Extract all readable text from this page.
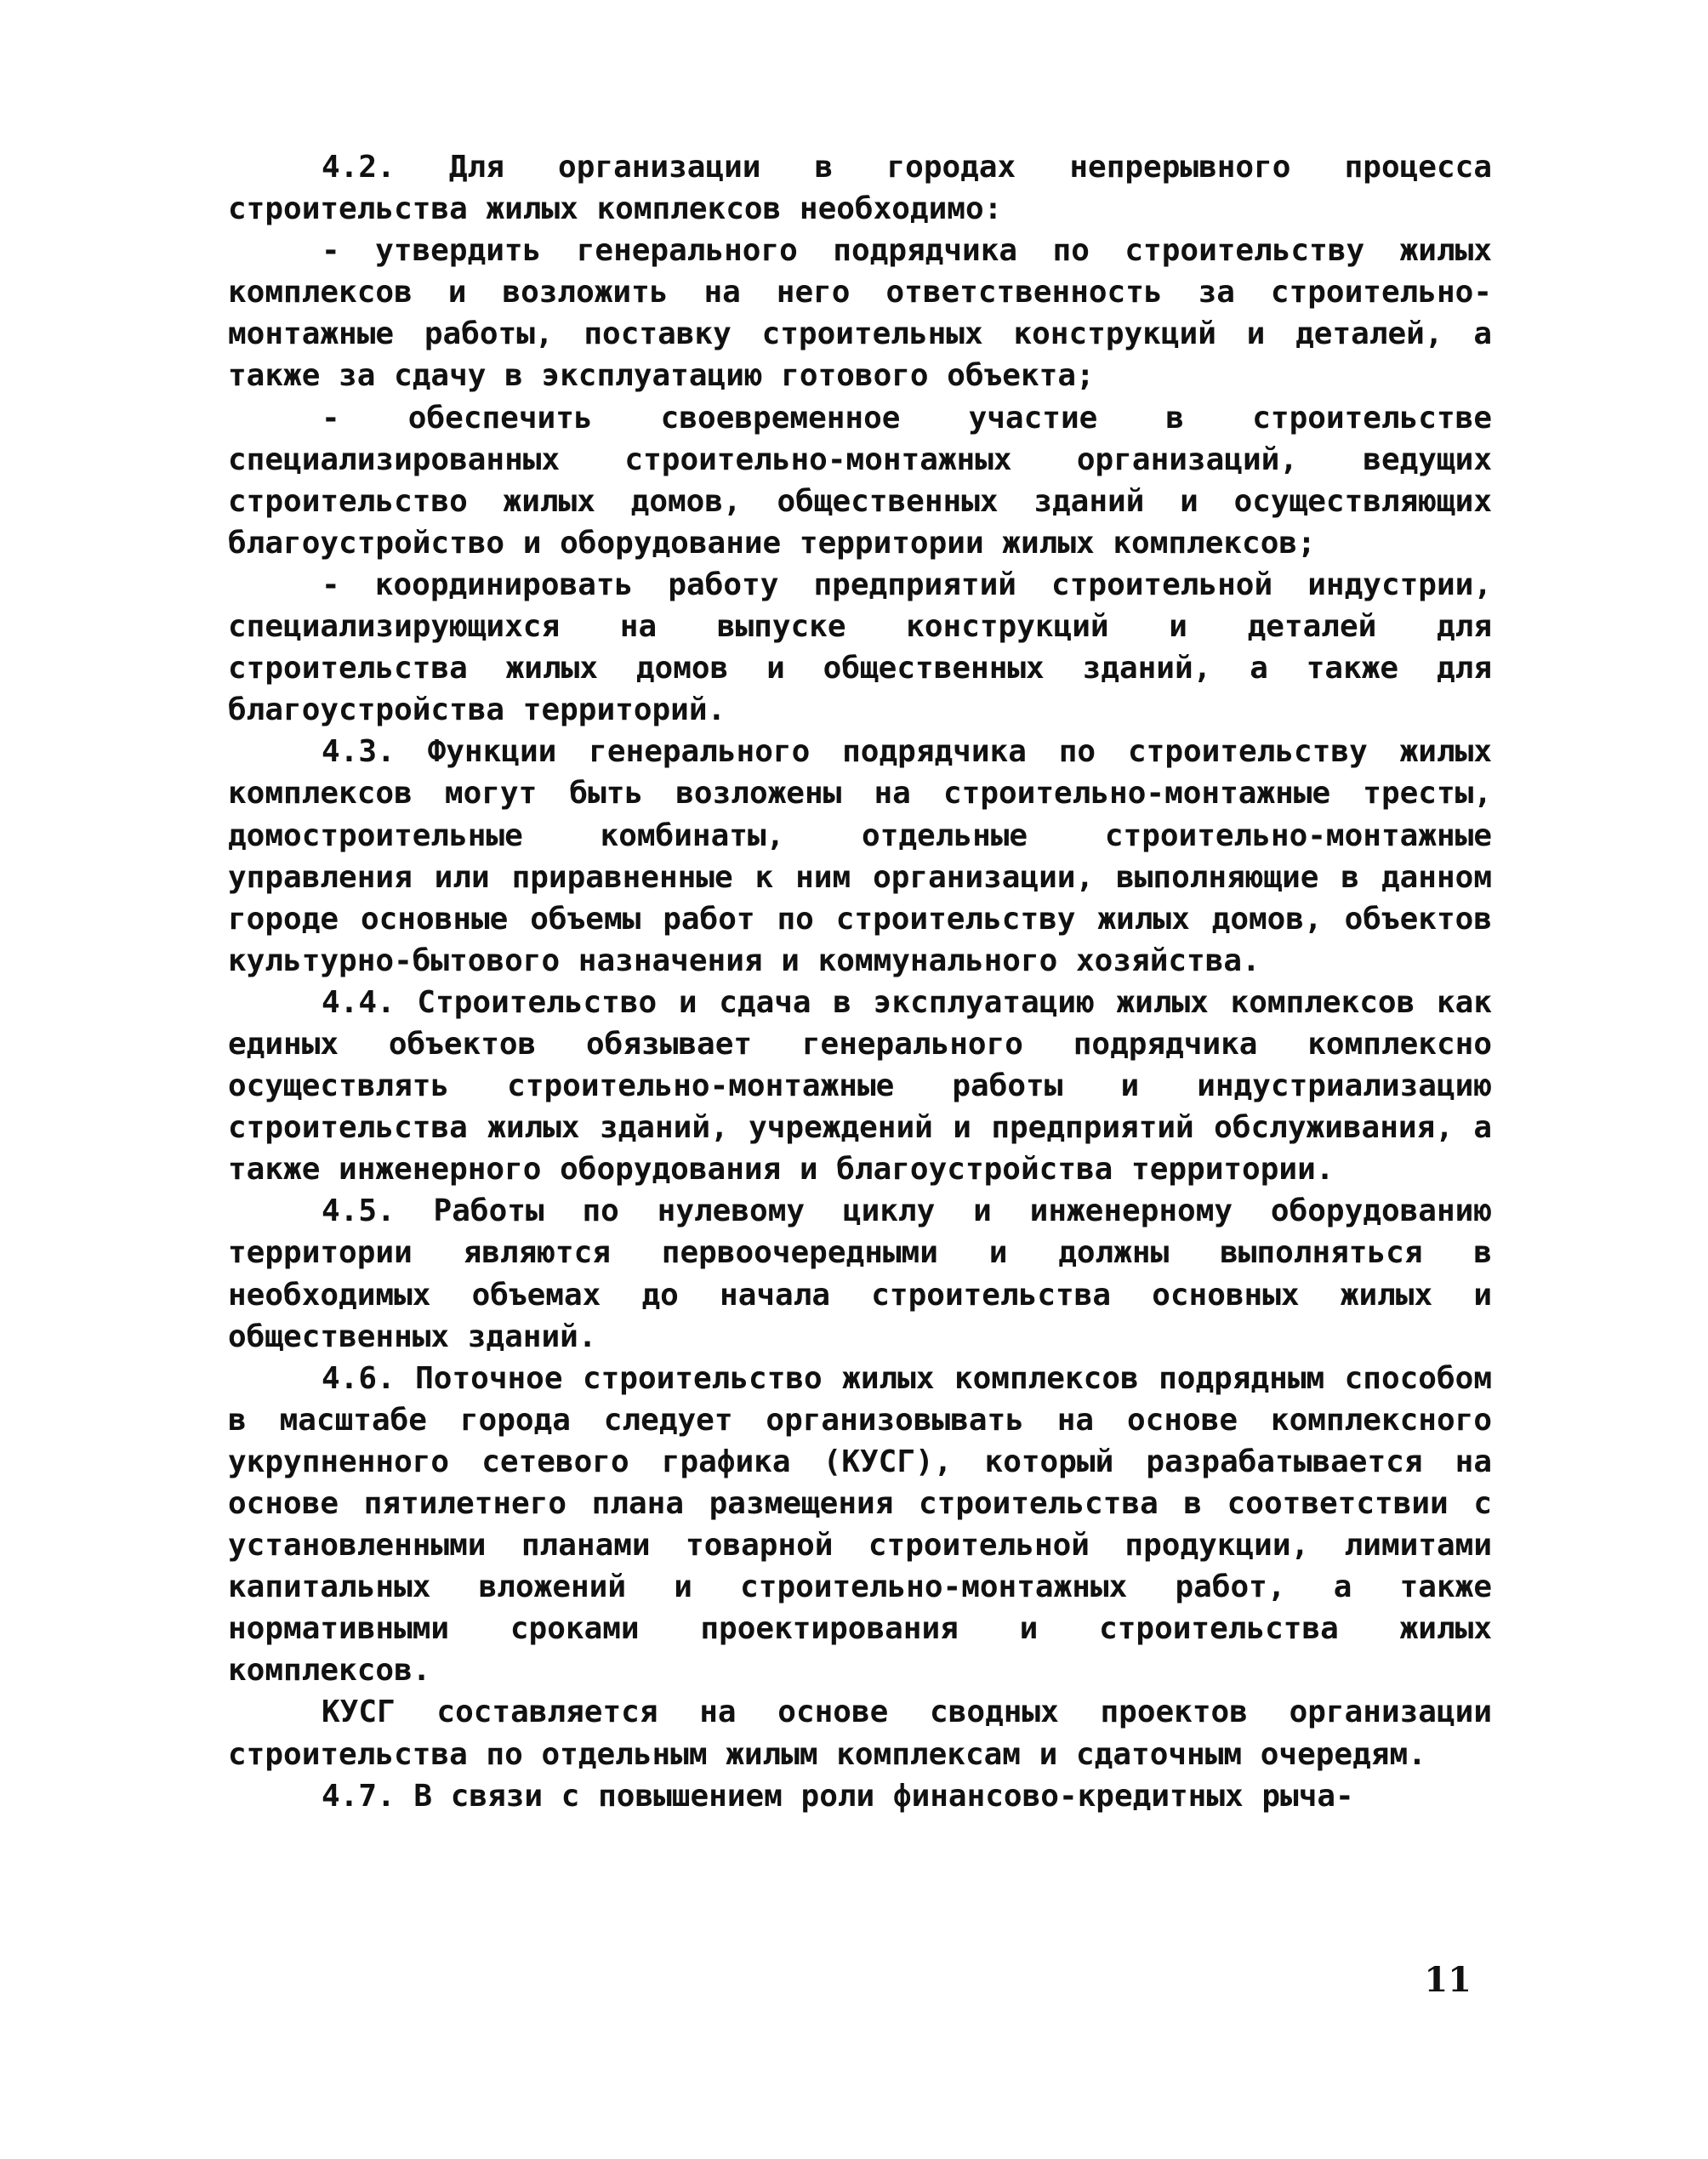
4.2. Для организации в городах непрерывного процесса строительства жилых комплексов необходимо:

- утвердить генерального подрядчика по строительству жилых комплексов и возложить на него ответственность за строительно-монтажные работы, поставку строительных конструкций и деталей, а также за сдачу в эксплуатацию готового объекта;

- обеспечить своевременное участие в строительстве специализированных строительно-монтажных организаций, ведущих строительство жилых домов, общественных зданий и осуществляющих благоустройство и оборудование территории жилых комплексов;

- координировать работу предприятий строительной индустрии, специализирующихся на выпуске конструкций и деталей для строительства жилых домов и общественных зданий, а также для благоустройства территорий.

4.3. Функции генерального подрядчика по строительству жилых комплексов могут быть возложены на строительно-монтажные тресты, домостроительные комбинаты, отдельные строительно-монтажные управления или приравненные к ним организации, выполняющие в данном городе основные объемы работ по строительству жилых домов, объектов культурно-бытового назначения и коммунального хозяйства.

4.4. Строительство и сдача в эксплуатацию жилых комплексов как единых объектов обязывает генерального подрядчика комплексно осуществлять строительно-монтажные работы и индустриализацию строительства жилых зданий, учреждений и предприятий обслуживания, а также инженерного оборудования и благоустройства территории.

4.5. Работы по нулевому циклу и инженерному оборудованию территории являются первоочередными и должны выполняться в необходимых объемах до начала строительства основных жилых и общественных зданий.

4.6. Поточное строительство жилых комплексов подрядным способом в масштабе города следует организовывать на основе комплексного укрупненного сетевого графика (КУСГ), который разрабатывается на основе пятилетнего плана размещения строительства в соответствии с установленными планами товарной строительной продукции, лимитами капитальных вложений и строительно-монтажных работ, а также нормативными сроками проектирования и строительства жилых комплексов.

КУСГ составляется на основе сводных проектов организации строительства по отдельным жилым комплексам и сдаточным очередям.

4.7. В связи с повышением роли финансово-кредитных рыча-

11
